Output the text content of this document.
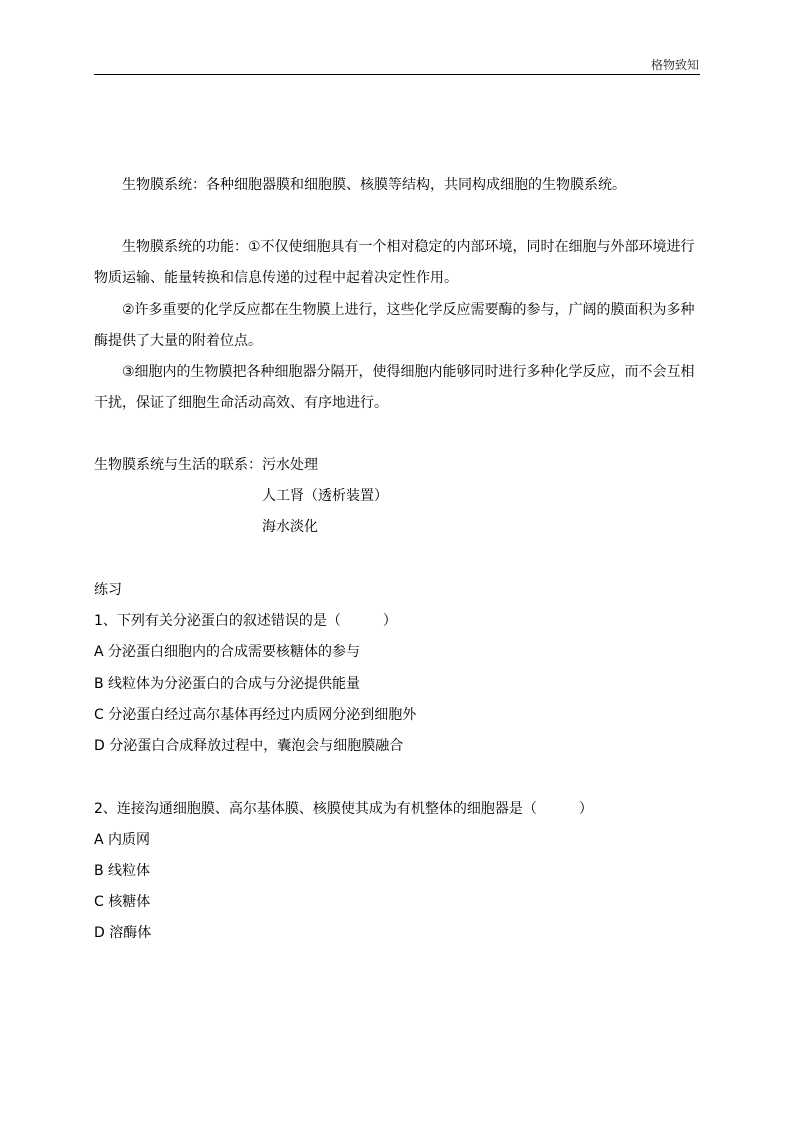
格物致知
生物膜系统：各种细胞器膜和细胞膜、核膜等结构，共同构成细胞的生物膜系统。
生物膜系统的功能：①不仅使细胞具有一个相对稳定的内部环境，同时在细胞与外部环境进行
物质运输、能量转换和信息传递的过程中起着决定性作用。
②许多重要的化学反应都在生物膜上进行，这些化学反应需要酶的参与，广阔的膜面积为多种
酶提供了大量的附着位点。
③细胞内的生物膜把各种细胞器分隔开，使得细胞内能够同时进行多种化学反应，而不会互相
干扰，保证了细胞生命活动高效、有序地进行。
生物膜系统与生活的联系：污水处理
人工肾（透析装置）
海水淡化
练习
1、下列有关分泌蛋白的叙述错误的是（　　　）
A 分泌蛋白细胞内的合成需要核糖体的参与
B 线粒体为分泌蛋白的合成与分泌提供能量
C 分泌蛋白经过高尔基体再经过内质网分泌到细胞外
D 分泌蛋白合成释放过程中，囊泡会与细胞膜融合
2、连接沟通细胞膜、高尔基体膜、核膜使其成为有机整体的细胞器是（　　　）
A 内质网
B 线粒体
C 核糖体
D 溶酶体
